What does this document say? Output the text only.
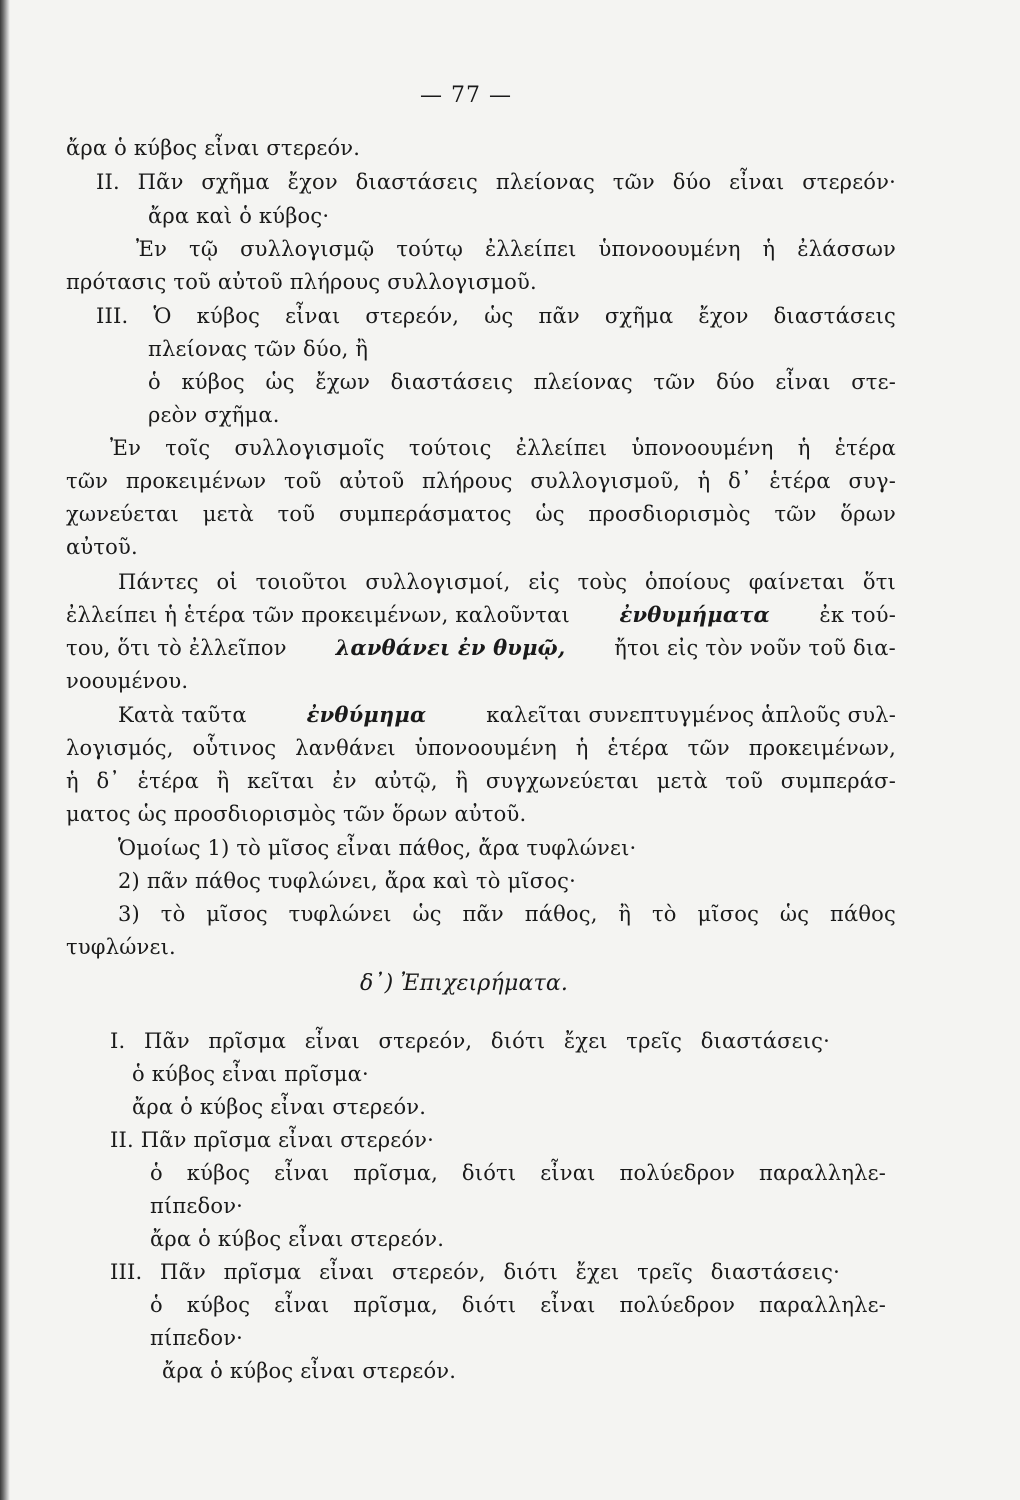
— 77 —
ἄρα ὁ κύβος εἶναι στερεόν.
II. Πᾶν σχῆμα ἔχον διαστάσεις πλείονας τῶν δύο εἶναι στερεόν·
ἄρα καὶ ὁ κύβος·
Ἐν τῷ συλλογισμῷ τούτῳ ἐλλείπει ὑπονοουμένη ἡ ἐλάσσων
πρότασις τοῦ αὐτοῦ πλήρους συλλογισμοῦ.
III. Ὁ κύβος εἶναι στερεόν, ὡς πᾶν σχῆμα ἔχον διαστάσεις
πλείονας τῶν δύο, ἢ
ὁ κύβος ὡς ἔχων διαστάσεις πλείονας τῶν δύο εἶναι στε-
ρεὸν σχῆμα.
Ἐν τοῖς συλλογισμοῖς τούτοις ἐλλείπει ὑπονοουμένη ἡ ἑτέρα
τῶν προκειμένων τοῦ αὐτοῦ πλήρους συλλογισμοῦ, ἡ δ᾽ ἑτέρα συγ-
χωνεύεται μετὰ τοῦ συμπεράσματος ὡς προσδιορισμὸς τῶν ὅρων
αὐτοῦ.
Πάντες οἱ τοιοῦτοι συλλογισμοί, εἰς τοὺς ὁποίους φαίνεται ὅτι
ἐλλείπει ἡ ἑτέρα τῶν προκειμένων, καλοῦνται ἐνθυμήματα ἐκ τού-
του, ὅτι τὸ ἐλλεῖπον λανθάνει ἐν θυμῷ, ἤτοι εἰς τὸν νοῦν τοῦ δια-
νοουμένου.
Κατὰ ταῦτα	ἐνθύμημα	καλεῖται συνεπτυγμένος ἁπλοῦς συλ-
λογισμός, οὗτινος λανθάνει ὑπονοουμένη ἡ ἑτέρα τῶν προκειμένων,
ἡ δ᾽ ἑτέρα ἢ κεῖται ἐν αὐτῷ, ἢ συγχωνεύεται μετὰ τοῦ συμπεράσ-
ματος ὡς προσδιορισμὸς τῶν ὅρων αὐτοῦ.
Ὁμοίως 1) τὸ μῖσος εἶναι πάθος, ἄρα τυφλώνει·
2) πᾶν πάθος τυφλώνει, ἄρα καὶ τὸ μῖσος·
3) τὸ μῖσος τυφλώνει ὡς πᾶν πάθος, ἢ τὸ μῖσος ὡς πάθος
τυφλώνει.
δ᾽) Ἐπιχειρήματα.
I. Πᾶν πρῖσμα εἶναι στερεόν, διότι ἔχει τρεῖς διαστάσεις·
ὁ κύβος εἶναι πρῖσμα·
ἄρα ὁ κύβος εἶναι στερεόν.
II. Πᾶν πρῖσμα εἶναι στερεόν·
ὁ κύβος εἶναι πρῖσμα, διότι εἶναι πολύεδρον παραλληλε-
πίπεδον·
ἄρα ὁ κύβος εἶναι στερεόν.
III. Πᾶν πρῖσμα εἶναι στερεόν, διότι ἔχει τρεῖς διαστάσεις·
ὁ κύβος εἶναι πρῖσμα, διότι εἶναι πολύεδρον παραλληλε-
πίπεδον·
ἄρα ὁ κύβος εἶναι στερεόν.
